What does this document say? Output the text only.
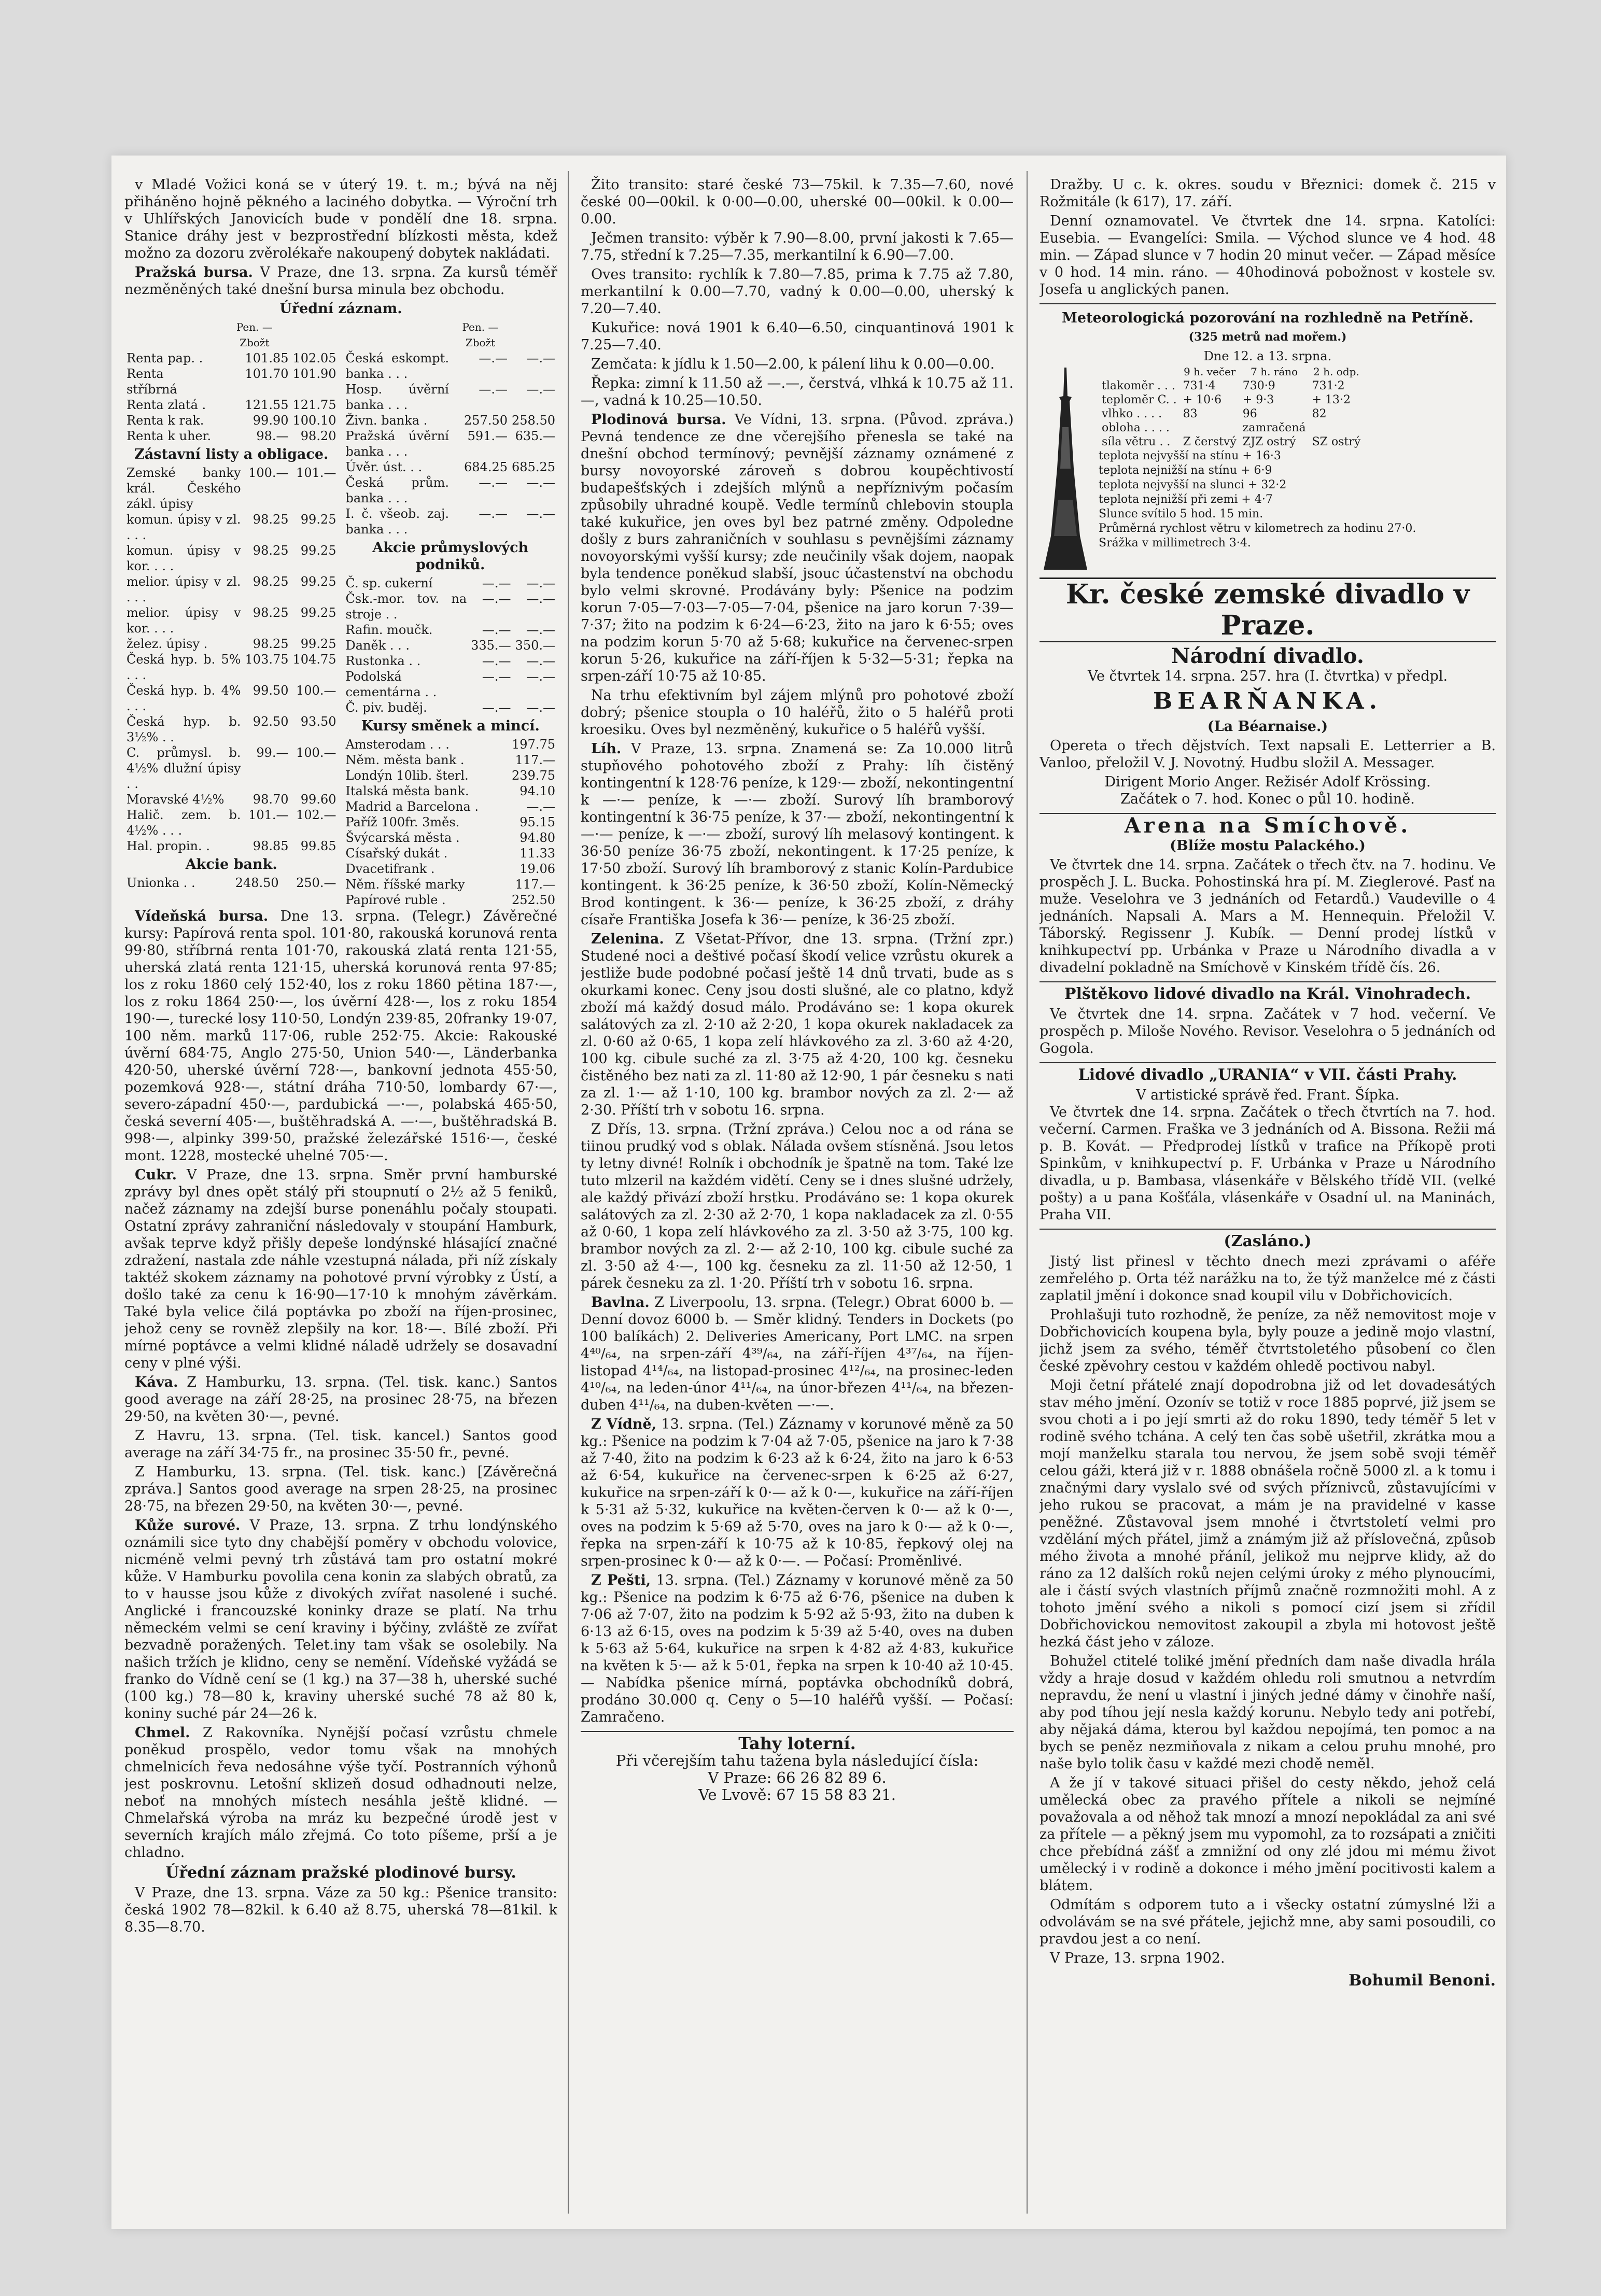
v Mladé Vožici koná se v úterý 19. t. m.; bývá na něj přiháněno hojně pěkného a laciného dobytka. — Výroční trh v Uhlířských Janovicích bude v pondělí dne 18. srpna. Stanice dráhy jest v bezprostřední blízkosti města, kdež možno za dozoru zvěrolékaře nakoupený dobytek nakládati.

Pražská bursa. V Praze, dne 13. srpna. Za kursů téměř nezměněných také dnešní bursa minula bez obchodu.

Úřední záznam.
	Pen. — Zbožt	
Renta pap. .	101.85	102.05
Renta stříbrná	101.70	101.90
Renta zlatá .	121.55	121.75
Renta k rak.	99.90	100.10
Renta k uher.	98.—	98.20
Zástavní listy a obligace.
Zemské banky král. Českého zákl. úpisy	100.—	101.—
komun. úpisy v zl. . . .	98.25	99.25
komun. úpisy v kor. . . .	98.25	99.25
melior. úpisy v zl. . . .	98.25	99.25
melior. úpisy v kor. . . .	98.25	99.25
želez. úpisy .	98.25	99.25
Česká hyp. b. 5% . . .	103.75	104.75
Česká hyp. b. 4% . . .	99.50	100.—
Česká hyp. b. 3½% . .	92.50	93.50
C. průmysl. b. 4½% dlužní úpisy . .	99.—	100.—
Moravské 4½%	98.70	99.60
Halič. zem. b. 4½% . . .	101.—	102.—
Hal. propin. .	98.85	99.85
Akcie bank.
Unionka . .	248.50	250.—
	Pen. — Zbožt	
Česká eskompt. banka . . .	—.—	—.—
Hosp. úvěrní banka . . .	—.—	—.—
Živn. banka .	257.50	258.50
Pražská úvěrní banka . . .	591.—	635.—
Úvěr. úst. . .	684.25	685.25
Česká prům. banka . . .	—.—	—.—
I. č. všeob. zaj. banka . . .	—.—	—.—
Akcie průmyslových podniků.
Č. sp. cukerní	—.—	—.—
Čsk.-mor. tov. na stroje . .	—.—	—.—
Rafin. moučk.	—.—	—.—
Daněk . . .	335.—	350.—
Rustonka . .	—.—	—.—
Podolská cementárna . .	—.—	—.—
Č. piv. buděj.	—.—	—.—
Kursy směnek a mincí.
Amsterodam . . .	197.75
Něm. města bank .	117.—
Londýn 10lib. šterl.	239.75
Italská města bank.	94.10
Madrid a Barcelona .	—.—
Paříž 100fr. 3měs.	95.15
Švýcarská města .	94.80
Císařský dukát .	11.33
Dvacetifrank .	19.06
Něm. říšské marky	117.—
Papírové ruble .	252.50

Vídeňská bursa. Dne 13. srpna. (Telegr.) Závěrečné kursy: Papírová renta spol. 101·80, rakouská korunová renta 99·80, stříbrná renta 101·70, rakouská zlatá renta 121·55, uherská zlatá renta 121·15, uherská korunová renta 97·85; los z roku 1860 celý 152·40, los z roku 1860 pětina 187·—, los z roku 1864 250·—, los úvěrní 428·—, los z roku 1854 190·—, turecké losy 110·50, Londýn 239·85, 20franky 19·07, 100 něm. marků 117·06, ruble 252·75. Akcie: Rakouské úvěrní 684·75, Anglo 275·50, Union 540·—, Länderbanka 420·50, uherské úvěrní 728·—, bankovní jednota 455·50, pozemková 928·—, státní dráha 710·50, lombardy 67·—, severo-západní 450·—, pardubická —·—, polabská 465·50, česká severní 405·—, buštěhradská A. —·—, buštěhradská B. 998·—, alpinky 399·50, pražské železářské 1516·—, české mont. 1228, mostecké uhelné 705·—.

Cukr. V Praze, dne 13. srpna. Směr první hamburské zprávy byl dnes opět stálý při stoupnutí o 2½ až 5 feniků, načež záznamy na zdejší burse ponenáhlu počaly stoupati. Ostatní zprávy zahraniční následovaly v stoupání Hamburk, avšak teprve když přišly depeše londýnské hlásající značné zdražení, nastala zde náhle vzestupná nálada, při níž získaly taktéž skokem záznamy na pohotové první výrobky z Ústí, a došlo také za cenu k 16·90—17·10 k mnohým závěrkám. Také byla velice čilá poptávka po zboží na říjen-prosinec, jehož ceny se rovněž zlepšily na kor. 18·—. Bílé zboží. Při mírné poptávce a velmi klidné náladě udržely se dosavadní ceny v plné výši.

Káva. Z Hamburku, 13. srpna. (Tel. tisk. kanc.) Santos good average na září 28·25, na prosinec 28·75, na březen 29·50, na květen 30·—, pevné.

Z Havru, 13. srpna. (Tel. tisk. kancel.) Santos good average na září 34·75 fr., na prosinec 35·50 fr., pevné.

Z Hamburku, 13. srpna. (Tel. tisk. kanc.) [Závěrečná zpráva.] Santos good average na srpen 28·25, na prosinec 28·75, na březen 29·50, na květen 30·—, pevné.

Kůže surové. V Praze, 13. srpna. Z trhu londýnského oznámili sice tyto dny chabější poměry v obchodu volovice, nicméně velmi pevný trh zůstává tam pro ostatní mokré kůže. V Hamburku povolila cena konin za slabých obratů, za to v hausse jsou kůže z divokých zvířat nasolené i suché. Anglické i francouzské koninky draze se platí. Na trhu německém velmi se cení kraviny i býčiny, zvláště ze zvířat bezvadně poražených. Telet.iny tam však se osolebily. Na našich tržích je klidno, ceny se nemění. Vídeňské vyžádá se franko do Vídně cení se (1 kg.) na 37—38 h, uherské suché (100 kg.) 78—80 k, kraviny uherské suché 78 až 80 k, koniny suché pár 24—26 k.

Chmel. Z Rakovníka. Nynější počasí vzrůstu chmele poněkud prospělo, vedor tomu však na mnohých chmelnicích řeva nedosáhne výše tyčí. Postranních výhonů jest poskrovnu. Letošní sklizeň dosud odhadnouti nelze, neboť na mnohých místech nesáhla ještě klidné. — Chmelařská výroba na mráz ku bezpečné úrodě jest v severních krajích málo zřejmá. Co toto píšeme, prší a je chladno.

Úřední záznam pražské plodinové bursy.

V Praze, dne 13. srpna. Váze za 50 kg.: Pšenice transito: česká 1902 78—82kil. k 6.40 až 8.75, uherská 78—81kil. k 8.35—8.70.

Žito transito: staré české 73—75kil. k 7.35—7.60, nové české 00—00kil. k 0·00—0.00, uherské 00—00kil. k 0.00—0.00.

Ječmen transito: výběr k 7.90—8.00, první jakosti k 7.65—7.75, střední k 7.25—7.35, merkantilní k 6.90—7.00.

Oves transito: rychlík k 7.80—7.85, prima k 7.75 až 7.80, merkantilní k 0.00—7.70, vadný k 0.00—0.00, uherský k 7.20—7.40.

Kukuřice: nová 1901 k 6.40—6.50, cinquantinová 1901 k 7.25—7.40.

Zemčata: k jídlu k 1.50—2.00, k pálení lihu k 0.00—0.00.

Řepka: zimní k 11.50 až —.—, čerstvá, vlhká k 10.75 až 11.—, vadná k 10.25—10.50.

Plodinová bursa. Ve Vídni, 13. srpna. (Původ. zpráva.) Pevná tendence ze dne včerejšího přenesla se také na dnešní obchod termínový; pevnější záznamy oznámené z bursy novoyorské zároveň s dobrou koupěchtivostí budapešťských i zdejších mlýnů a nepříznivým počasím způsobily uhradné koupě. Vedle termínů chlebovin stoupla také kukuřice, jen oves byl bez patrné změny. Odpoledne došly z burs zahraničních v souhlasu s pevnějšími záznamy novoyorskými vyšší kursy; zde neučinily však dojem, naopak byla tendence poněkud slabší, jsouc účastenství na obchodu bylo velmi skrovné. Prodávány byly: Pšenice na podzim korun 7·05—7·03—7·05—7·04, pšenice na jaro korun 7·39—7·37; žito na podzim k 6·24—6·23, žito na jaro k 6·55; oves na podzim korun 5·70 až 5·68; kukuřice na červenec-srpen korun 5·26, kukuřice na září-říjen k 5·32—5·31; řepka na srpen-září 10·75 až 10·85.

Na trhu efektivním byl zájem mlýnů pro pohotové zboží dobrý; pšenice stoupla o 10 haléřů, žito o 5 haléřů proti kroesiku. Oves byl nezměněný, kukuřice o 5 haléřů vyšší.

Líh. V Praze, 13. srpna. Znamená se: Za 10.000 litrů stupňového pohotového zboží z Prahy: líh čistěný kontingentní k 128·76 peníze, k 129·— zboží, nekontingentní k —·— peníze, k —·— zboží. Surový líh bramborový kontingentní k 36·75 peníze, k 37·— zboží, nekontingentní k —·— peníze, k —·— zboží, surový líh melasový kontingent. k 36·50 peníze 36·75 zboží, nekontingent. k 17·25 peníze, k 17·50 zboží. Surový líh bramborový z stanic Kolín-Pardubice kontingent. k 36·25 peníze, k 36·50 zboží, Kolín-Německý Brod kontingent. k 36·— peníze, k 36·25 zboží, z dráhy císaře Františka Josefa k 36·— peníze, k 36·25 zboží.

Zelenina. Z Všetat-Přívor, dne 13. srpna. (Tržní zpr.) Studené noci a deštivé počasí škodí velice vzrůstu okurek a jestliže bude podobné počasí ještě 14 dnů trvati, bude as s okurkami konec. Ceny jsou dosti slušné, ale co platno, když zboží má každý dosud málo. Prodáváno se: 1 kopa okurek salátových za zl. 2·10 až 2·20, 1 kopa okurek nakladacek za zl. 0·60 až 0·65, 1 kopa zelí hlávkového za zl. 3·60 až 4·20, 100 kg. cibule suché za zl. 3·75 až 4·20, 100 kg. česneku čistěného bez nati za zl. 11·80 až 12·90, 1 pár česneku s nati za zl. 1·— až 1·10, 100 kg. brambor nových za zl. 2·— až 2·30. Příští trh v sobotu 16. srpna.

Z Dřís, 13. srpna. (Tržní zpráva.) Celou noc a od rána se tiinou prudký vod s oblak. Nálada ovšem stísněná. Jsou letos ty letny divné! Rolník i obchodník je špatně na tom. Také lze tuto mlzeril na každém vidětí. Ceny se i dnes slušné udržely, ale každý přivází zboží hrstku. Prodáváno se: 1 kopa okurek salátových za zl. 2·30 až 2·70, 1 kopa nakladacek za zl. 0·55 až 0·60, 1 kopa zelí hlávkového za zl. 3·50 až 3·75, 100 kg. brambor nových za zl. 2·— až 2·10, 100 kg. cibule suché za zl. 3·50 až 4·—, 100 kg. česneku za zl. 11·50 až 12·50, 1 párek česneku za zl. 1·20. Příští trh v sobotu 16. srpna.

Bavlna. Z Liverpoolu, 13. srpna. (Telegr.) Obrat 6000 b. — Denní dovoz 6000 b. — Směr klidný. Tenders in Dockets (po 100 balíkách) 2. Deliveries Americany, Port LMC. na srpen 4⁴⁰/₆₄, na srpen-září 4³⁹/₆₄, na září-říjen 4³⁷/₆₄, na říjen-listopad 4¹⁴/₆₄, na listopad-prosinec 4¹²/₆₄, na prosinec-leden 4¹⁰/₆₄, na leden-únor 4¹¹/₆₄, na únor-březen 4¹¹/₆₄, na březen-duben 4¹¹/₆₄, na duben-květen —·—.

Z Vídně, 13. srpna. (Tel.) Záznamy v korunové měně za 50 kg.: Pšenice na podzim k 7·04 až 7·05, pšenice na jaro k 7·38 až 7·40, žito na podzim k 6·23 až k 6·24, žito na jaro k 6·53 až 6·54, kukuřice na červenec-srpen k 6·25 až 6·27, kukuřice na srpen-září k 0·— až k 0·—, kukuřice na září-říjen k 5·31 až 5·32, kukuřice na květen-červen k 0·— až k 0·—, oves na podzim k 5·69 až 5·70, oves na jaro k 0·— až k 0·—, řepka na srpen-září k 10·75 až k 10·85, řepkový olej na srpen-prosinec k 0·— až k 0·—. — Počasí: Proměnlivé.

Z Pešti, 13. srpna. (Tel.) Záznamy v korunové měně za 50 kg.: Pšenice na podzim k 6·75 až 6·76, pšenice na duben k 7·06 až 7·07, žito na podzim k 5·92 až 5·93, žito na duben k 6·13 až 6·15, oves na podzim k 5·39 až 5·40, oves na duben k 5·63 až 5·64, kukuřice na srpen k 4·82 až 4·83, kukuřice na květen k 5·— až k 5·01, řepka na srpen k 10·40 až 10·45. — Nabídka pšenice mírná, poptávka obchodníků dobrá, prodáno 30.000 q. Ceny o 5—10 haléřů vyšší. — Počasí: Zamračeno.

Tahy loterní.
Při včerejším tahu tažena byla následující čísla:
V Praze: 66 26 82 89 6.
Ve Lvově: 67 15 58 83 21.

Dražby. U c. k. okres. soudu v Březnici: domek č. 215 v Rožmitále (k 617), 17. září.

Denní oznamovatel. Ve čtvrtek dne 14. srpna. Katolíci: Eusebia. — Evangelíci: Smila. — Východ slunce ve 4 hod. 48 min. — Západ slunce v 7 hodin 20 minut večer. — Západ měsíce v 0 hod. 14 min. ráno. — 40hodinová pobožnost v kostele sv. Josefa u anglických panen.

Meteorologická pozorování na rozhledně na Petříně.
(325 metrů nad mořem.)
Dne 12. a 13. srpna.
	9 h. večer	7 h. ráno	2 h. odp.
tlakoměr . . .	731·4	730·9	731·2
teploměr C. .	+ 10·6	+ 9·3	+ 13·2
vlhko . . . .	83	96	82
obloha . . . .		zamračená	
síla větru . .	Z čerstvý	ZJZ ostrý	SZ ostrý
teplota nejvyšší na stínu + 16·3
teplota nejnižší na stínu + 6·9
teplota nejvyšší na slunci + 32·2
teplota nejnižší při zemi + 4·7
Slunce svítilo 5 hod. 15 min.
Průměrná rychlost větru v kilometrech za hodinu 27·0.
Srážka v millimetrech 3·4.
Kr. české zemské divadlo v Praze.
Národní divadlo.
Ve čtvrtek 14. srpna. 257. hra (I. čtvrtka) v předpl.
BEARŇANKA.
(La Béarnaise.)

Opereta o třech dějstvích. Text napsali E. Letterrier a B. Vanloo, přeložil V. J. Novotný. Hudbu složil A. Messager.

Dirigent Morio Anger. Režisér Adolf Krössing.
Začátek o 7. hod. Konec o půl 10. hodině.
Arena na Smíchově.
(Blíže mostu Palackého.)

Ve čtvrtek dne 14. srpna. Začátek o třech čtv. na 7. hodinu. Ve prospěch J. L. Bucka. Pohostinská hra pí. M. Zieglerové. Pasť na muže. Veselohra ve 3 jednáních od Fetardů.) Vaudeville o 4 jednáních. Napsali A. Mars a M. Hennequin. Přeložil V. Táborský. Regissenr J. Kubík. — Denní prodej lístků v knihkupectví pp. Urbánka v Praze u Národního divadla a v divadelní pokladně na Smíchově v Kinském třídě čís. 26.

Plštěkovo lidové divadlo na Král. Vinohradech.

Ve čtvrtek dne 14. srpna. Začátek v 7 hod. večerní. Ve prospěch p. Miloše Nového. Revisor. Veselohra o 5 jednáních od Gogola.

Lidové divadlo „URANIA“ v VII. části Prahy.
V artistické správě řed. Frant. Šípka.

Ve čtvrtek dne 14. srpna. Začátek o třech čtvrtích na 7. hod. večerní. Carmen. Fraška ve 3 jednáních od A. Bissona. Režii má p. B. Kovát. — Předprodej lístků v trafice na Příkopě proti Spinkům, v knihkupectví p. F. Urbánka v Praze u Národního divadla, u p. Bambasa, vlásenkáře v Bělského třídě VII. (velké pošty) a u pana Košťála, vlásenkáře v Osadní ul. na Maninách, Praha VII.

(Zasláno.)

Jistý list přinesl v těchto dnech mezi zprávami o aféře zemřelého p. Orta též narážku na to, že týž manželce mé z části zaplatil jmění i dokonce snad koupil vilu v Dobřichovicích.

Prohlašuji tuto rozhodně, že peníze, za něž nemovitost moje v Dobřichovicích koupena byla, byly pouze a jedině mojo vlastní, jichž jsem za svého, téměř čtvrtstoletého působení co člen české zpěvohry cestou v každém ohledě poctivou nabyl.

Moji četní přátelé znají dopodrobna již od let dovadesátých stav mého jmění. Ozonív se totiž v roce 1885 poprvé, již jsem se svou choti a i po její smrti až do roku 1890, tedy téměř 5 let v rodině svého tchána. A celý ten čas sobě ušetřil, zkrátka mou a mojí manželku starala tou nervou, že jsem sobě svoji téměř celou gáži, která již v r. 1888 obnášela ročně 5000 zl. a k tomu i značnými dary vyslalo své od svých příznivců, zůstavujícími v jeho rukou se pracovat, a mám je na pravidelné v kasse peněžné. Zůstavoval jsem mnohé i čtvrtstoletí velmi pro vzdělání mých přátel, jimž a známým již až příslovečná, způsob mého života a mnohé přáníl, jelikož mu nejprve klidy, až do ráno za 12 dalších roků nejen celými úroky z mého plynoucími, ale i částí svých vlastních příjmů značně rozmnožiti mohl. A z tohoto jmění svého a nikoli s pomocí cizí jsem si zřídil Dobřichovickou nemovitost zakoupil a zbyla mi hotovost ještě hezká část jeho v záloze.

Bohužel ctitelé toliké jmění předních dam naše divadla hrála vždy a hraje dosud v každém ohledu roli smutnou a netvrdím nepravdu, že není u vlastní i jiných jedné dámy v činohře naší, aby pod tíhou její nesla každý korunu. Nebylo tedy ani potřebí, aby nějaká dáma, kterou byl každou nepojímá, ten pomoc a na bych se peněz nezmiňovala z nikam a celou pruhu mnohé, pro naše bylo tolik času v každé mezi chodě neměl.

A že jí v takové situaci přišel do cesty někdo, jehož celá umělecká obec za pravého přítele a nikoli se nejmíné považovala a od něhož tak mnozí a mnozí nepokládal za ani své za přítele — a pěkný jsem mu vypomohl, za to rozsápati a zničiti chce přebídná zášť a zmnižní od ony zlé jdou mi mému život umělecký i v rodině a dokonce i mého jmění pocitivosti kalem a blátem.

Odmítám s odporem tuto a i všecky ostatní zúmyslné lži a odvolávám se na své přátele, jejichž mne, aby sami posoudili, co pravdou jest a co není.

V Praze, 13. srpna 1902.

Bohumil Benoni.
